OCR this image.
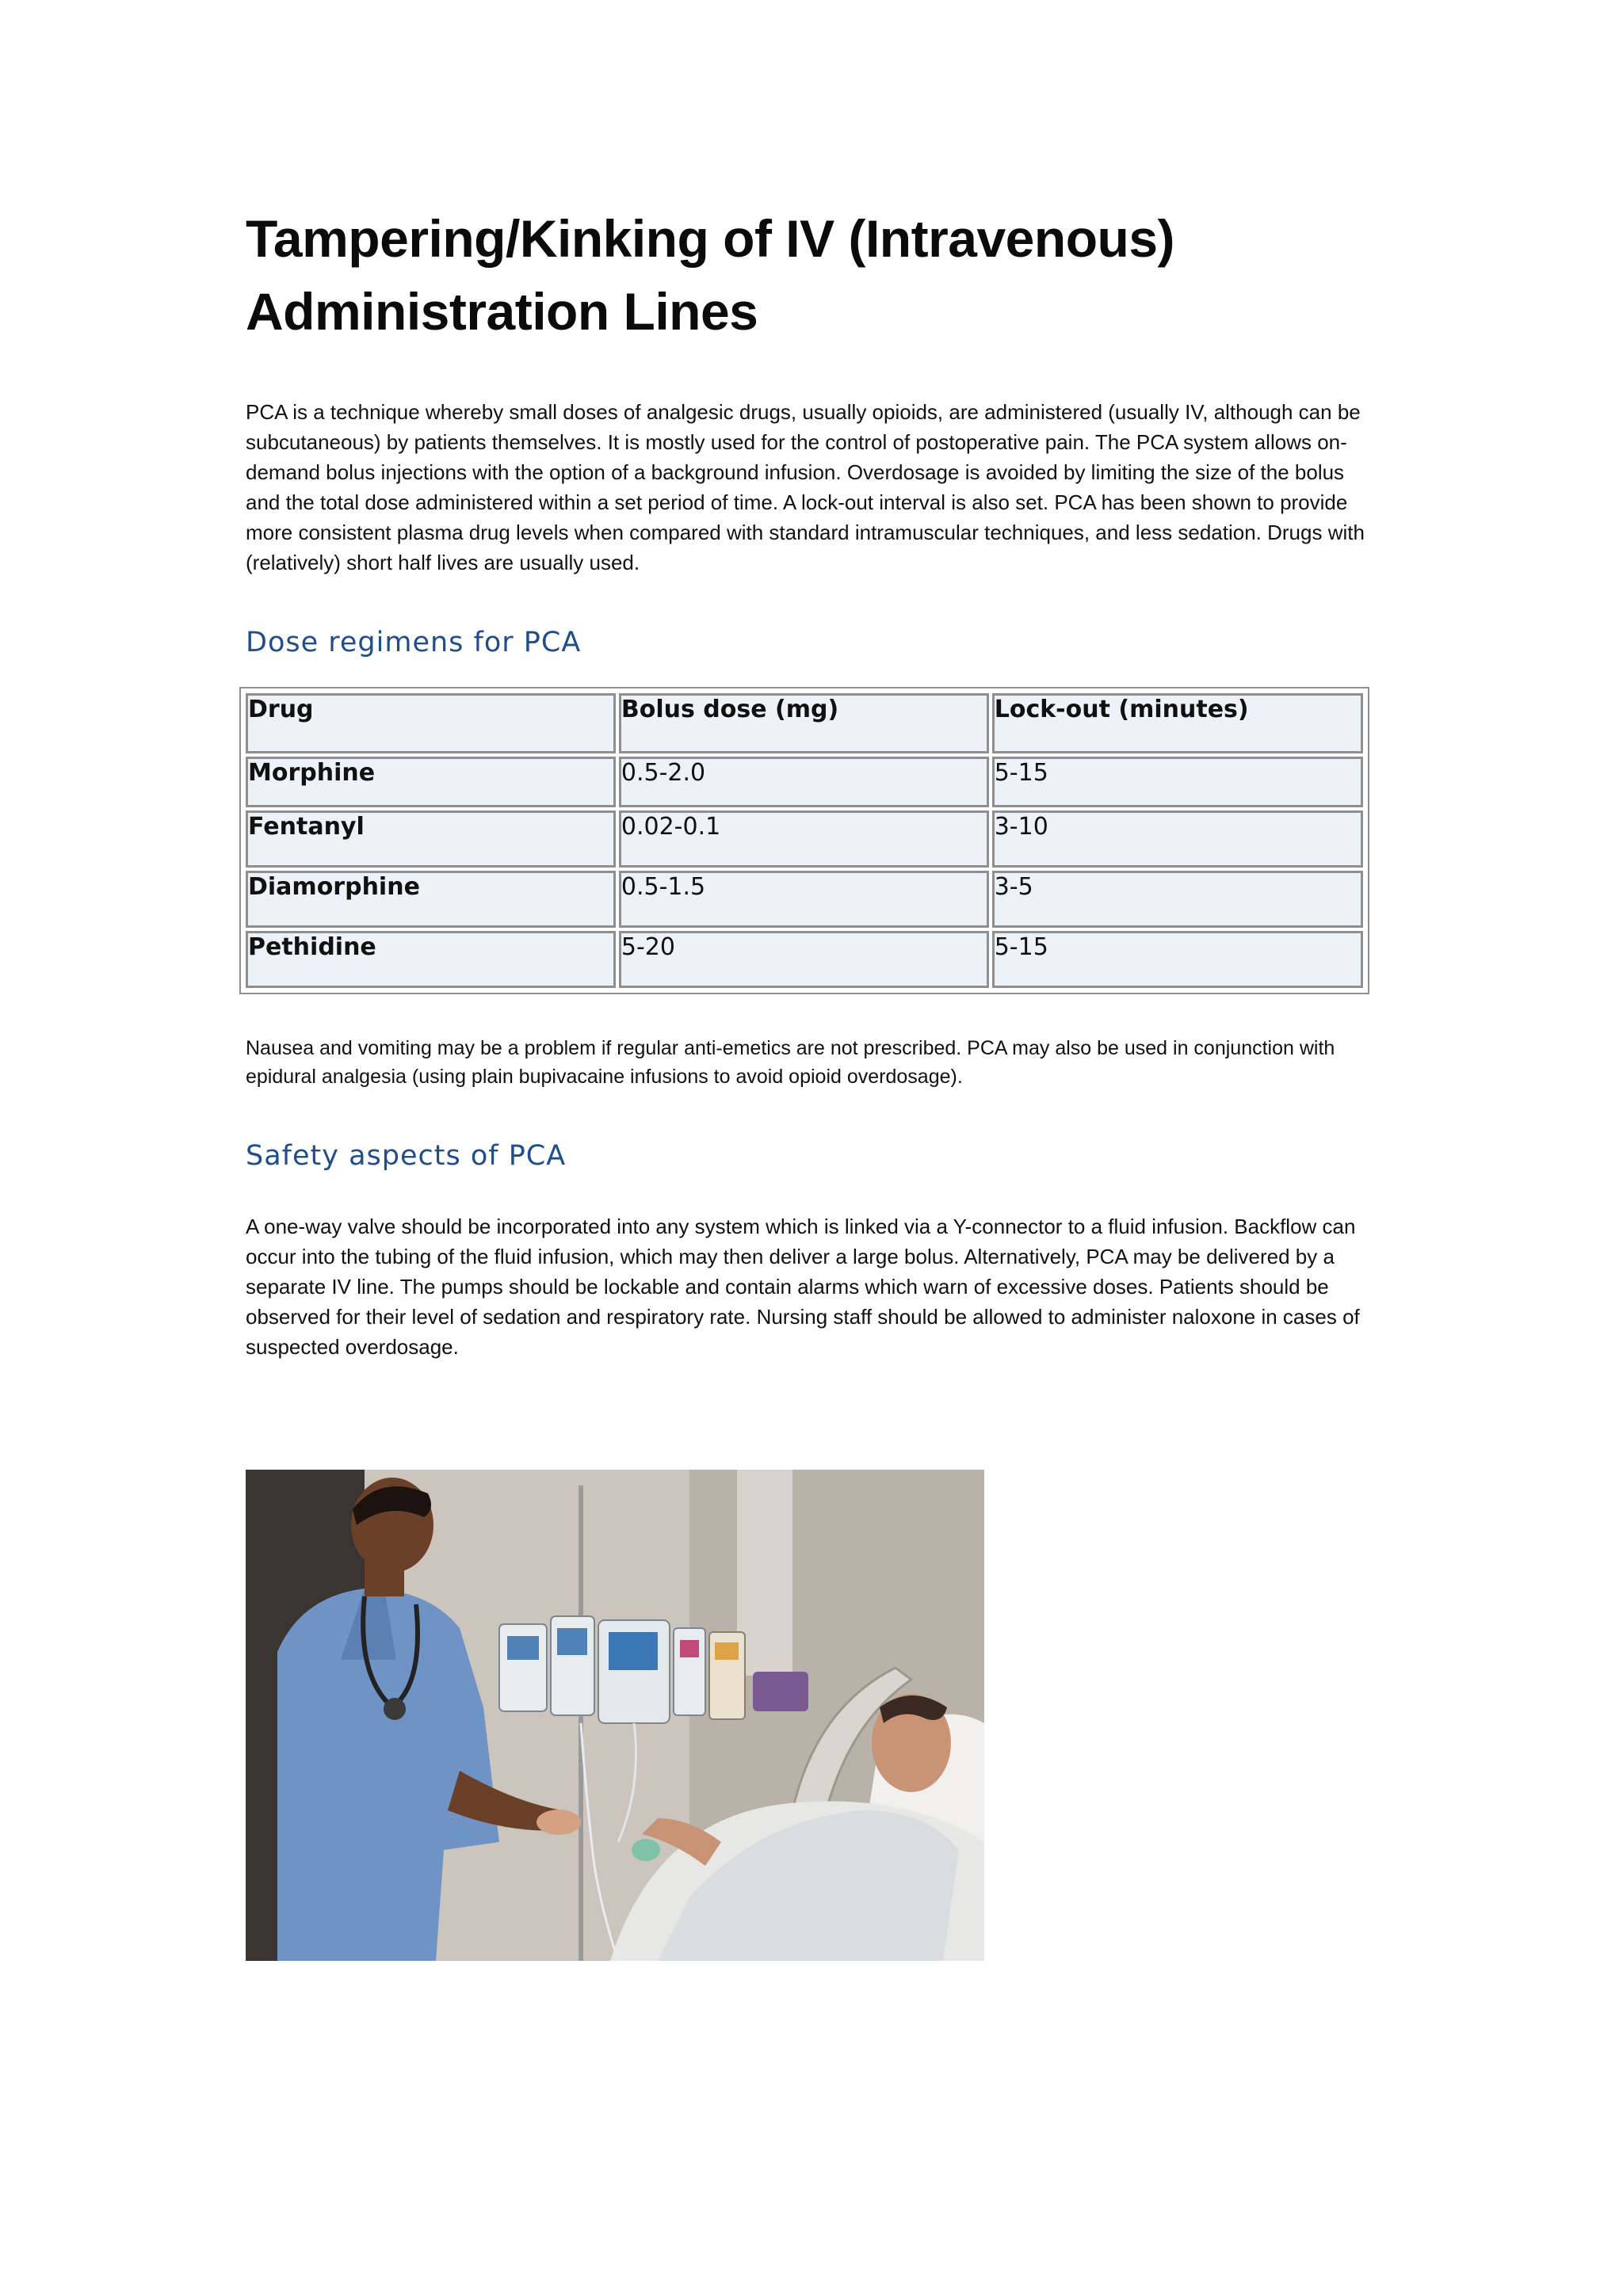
Tampering/Kinking of IV (Intravenous) Administration Lines

PCA is a technique whereby small doses of analgesic drugs, usually opioids, are administered (usually IV, although can be subcutaneous) by patients themselves. It is mostly used for the control of postoperative pain. The PCA system allows on-demand bolus injections with the option of a background infusion. Overdosage is avoided by limiting the size of the bolus and the total dose administered within a set period of time. A lock-out interval is also set. PCA has been shown to provide more consistent plasma drug levels when compared with standard intramuscular techniques, and less sedation. Drugs with (relatively) short half lives are usually used.

Dose regimens for PCA
Drug	Bolus dose (mg)	Lock-out (minutes)
Morphine	0.5-2.0	5-15
Fentanyl	0.02-0.1	3-10
Diamorphine	0.5-1.5	3-5
Pethidine	5-20	5-15

Nausea and vomiting may be a problem if regular anti-emetics are not prescribed. PCA may also be used in conjunction with epidural analgesia (using plain bupivacaine infusions to avoid opioid overdosage).

Safety aspects of PCA

A one-way valve should be incorporated into any system which is linked via a Y-connector to a fluid infusion. Backflow can occur into the tubing of the fluid infusion, which may then deliver a large bolus. Alternatively, PCA may be delivered by a separate IV line. The pumps should be lockable and contain alarms which warn of excessive doses. Patients should be observed for their level of sedation and respiratory rate. Nursing staff should be allowed to administer naloxone in cases of suspected overdosage.
